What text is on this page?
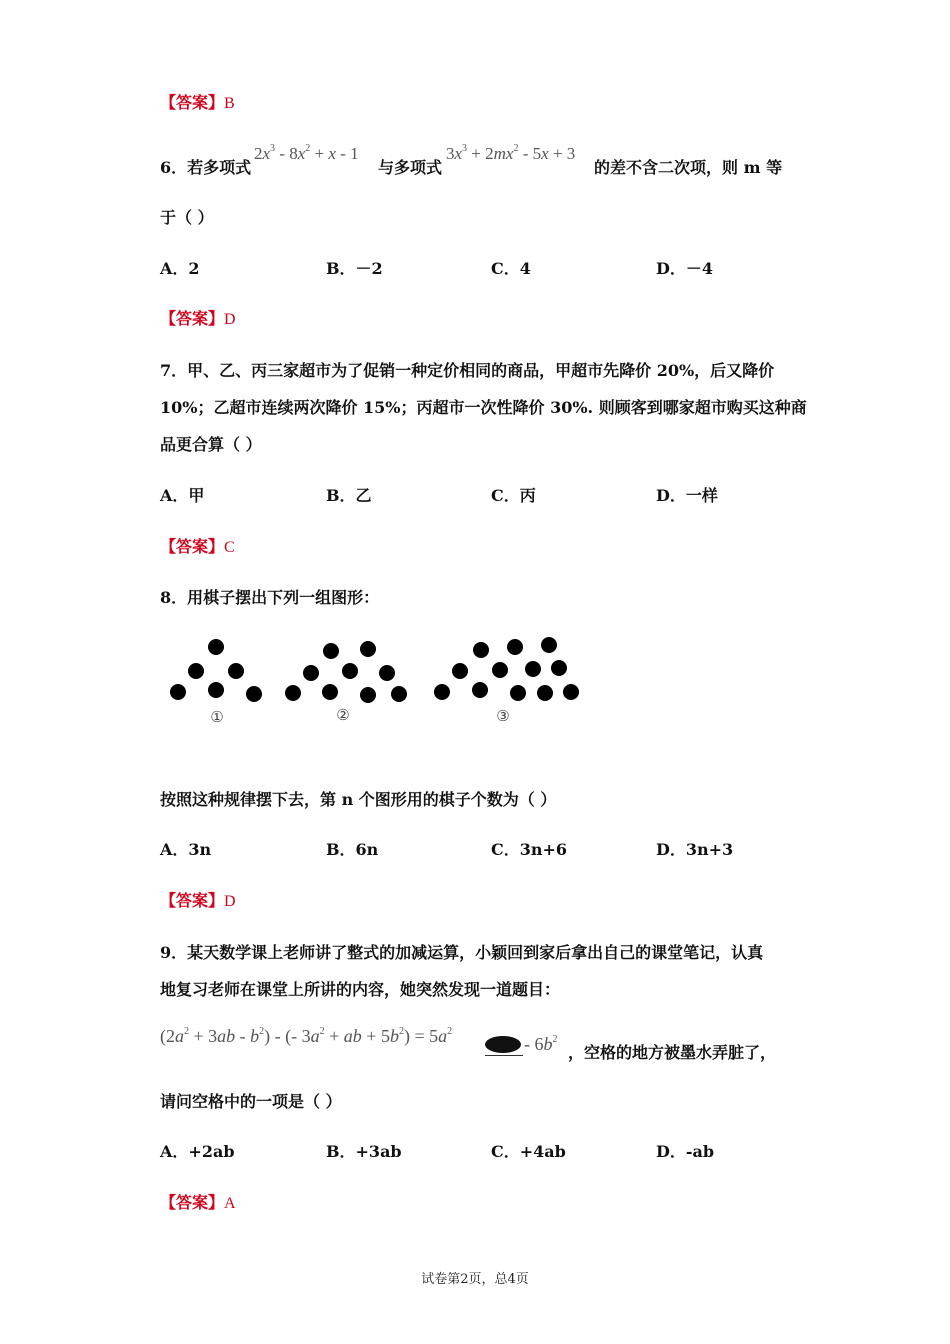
【答案】B
6．若多项式
$2x^3 - 8x^2 + x - 1$
与多项式
$3x^3 + 2mx^2 - 5x + 3$
的差不含二次项，则 m 等
于（ ）
A．2	B．－2	C．4	D．－4
【答案】D
7．甲、乙、丙三家超市为了促销一种定价相同的商品，甲超市先降价 20%，后又降价
10%；乙超市连续两次降价 15%；丙超市一次性降价 30%. 则顾客到哪家超市购买这种商
品更合算（ ）
A．甲	B．乙	C．丙	D．一样
【答案】C
8．用棋子摆出下列一组图形：
①	②	③
按照这种规律摆下去，第 n 个图形用的棋子个数为（ ）
A．3n	B．6n	C．3n+6	D．3n+3
【答案】D
9．某天数学课上老师讲了整式的加减运算，小颖回到家后拿出自己的课堂笔记，认真
地复习老师在课堂上所讲的内容，她突然发现一道题目：
$(2a^2 + 3ab - b^2)$ - (- $3a^2$ + ab + $5b^2) = 5a^2$
- $6b^2$
，空格的地方被墨水弄脏了，
请问空格中的一项是（ ）
A．+2ab	B．+3ab	C．+4ab	D．-ab
【答案】A
试卷第2页，总4页
